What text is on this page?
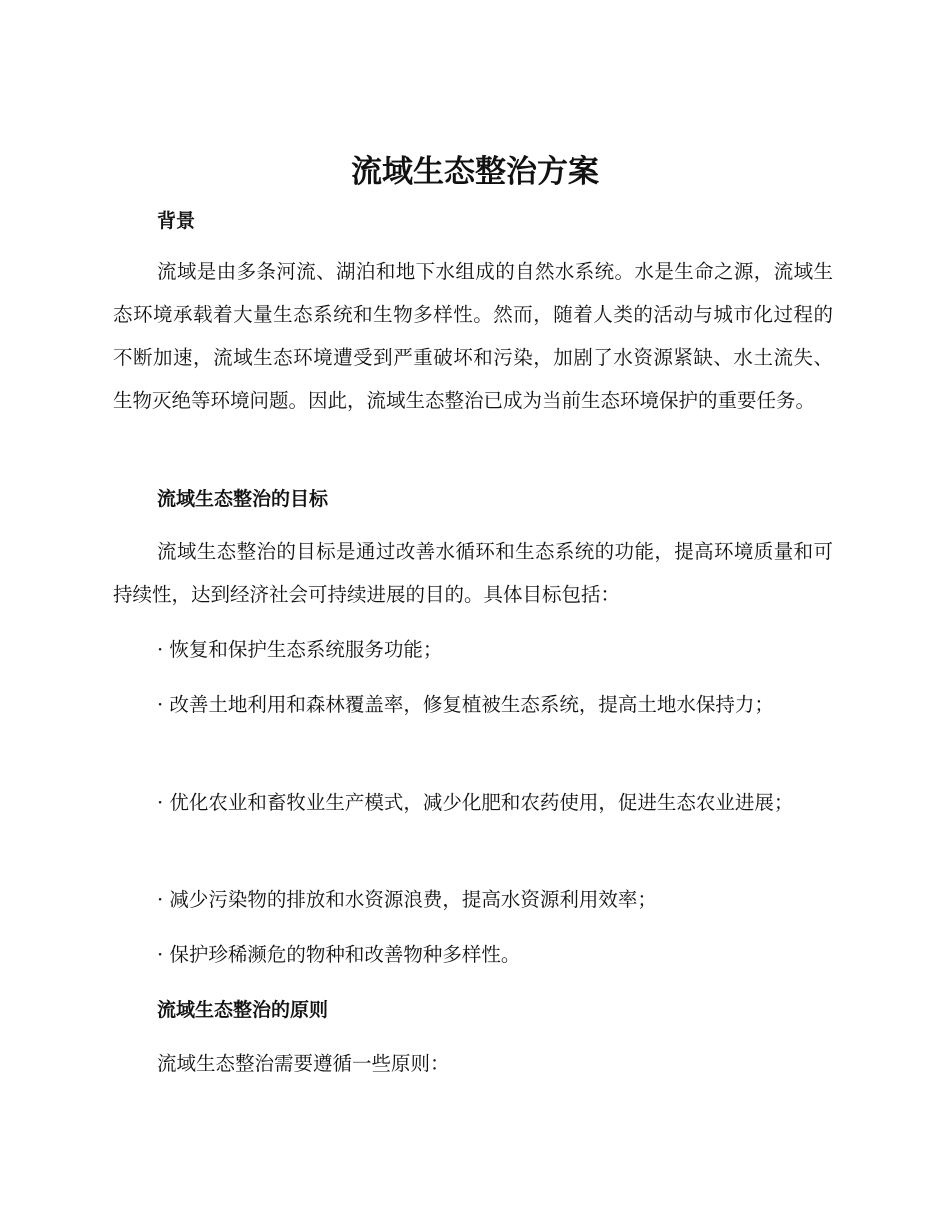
流域生态整治方案
背景

流域是由多条河流、湖泊和地下水组成的自然水系统。水是生命之源，流域生态环境承载着大量生态系统和生物多样性。然而，随着人类的活动与城市化过程的不断加速，流域生态环境遭受到严重破坏和污染，加剧了水资源紧缺、水土流失、生物灭绝等环境问题。因此，流域生态整治已成为当前生态环境保护的重要任务。

流域生态整治的目标

流域生态整治的目标是通过改善水循环和生态系统的功能，提高环境质量和可持续性，达到经济社会可持续进展的目的。具体目标包括：

· 恢复和保护生态系统服务功能；

· 改善土地利用和森林覆盖率，修复植被生态系统，提高土地水保持力；

· 优化农业和畜牧业生产模式，减少化肥和农药使用，促进生态农业进展；

· 减少污染物的排放和水资源浪费，提高水资源利用效率；

· 保护珍稀濒危的物种和改善物种多样性。

流域生态整治的原则

流域生态整治需要遵循一些原则：
